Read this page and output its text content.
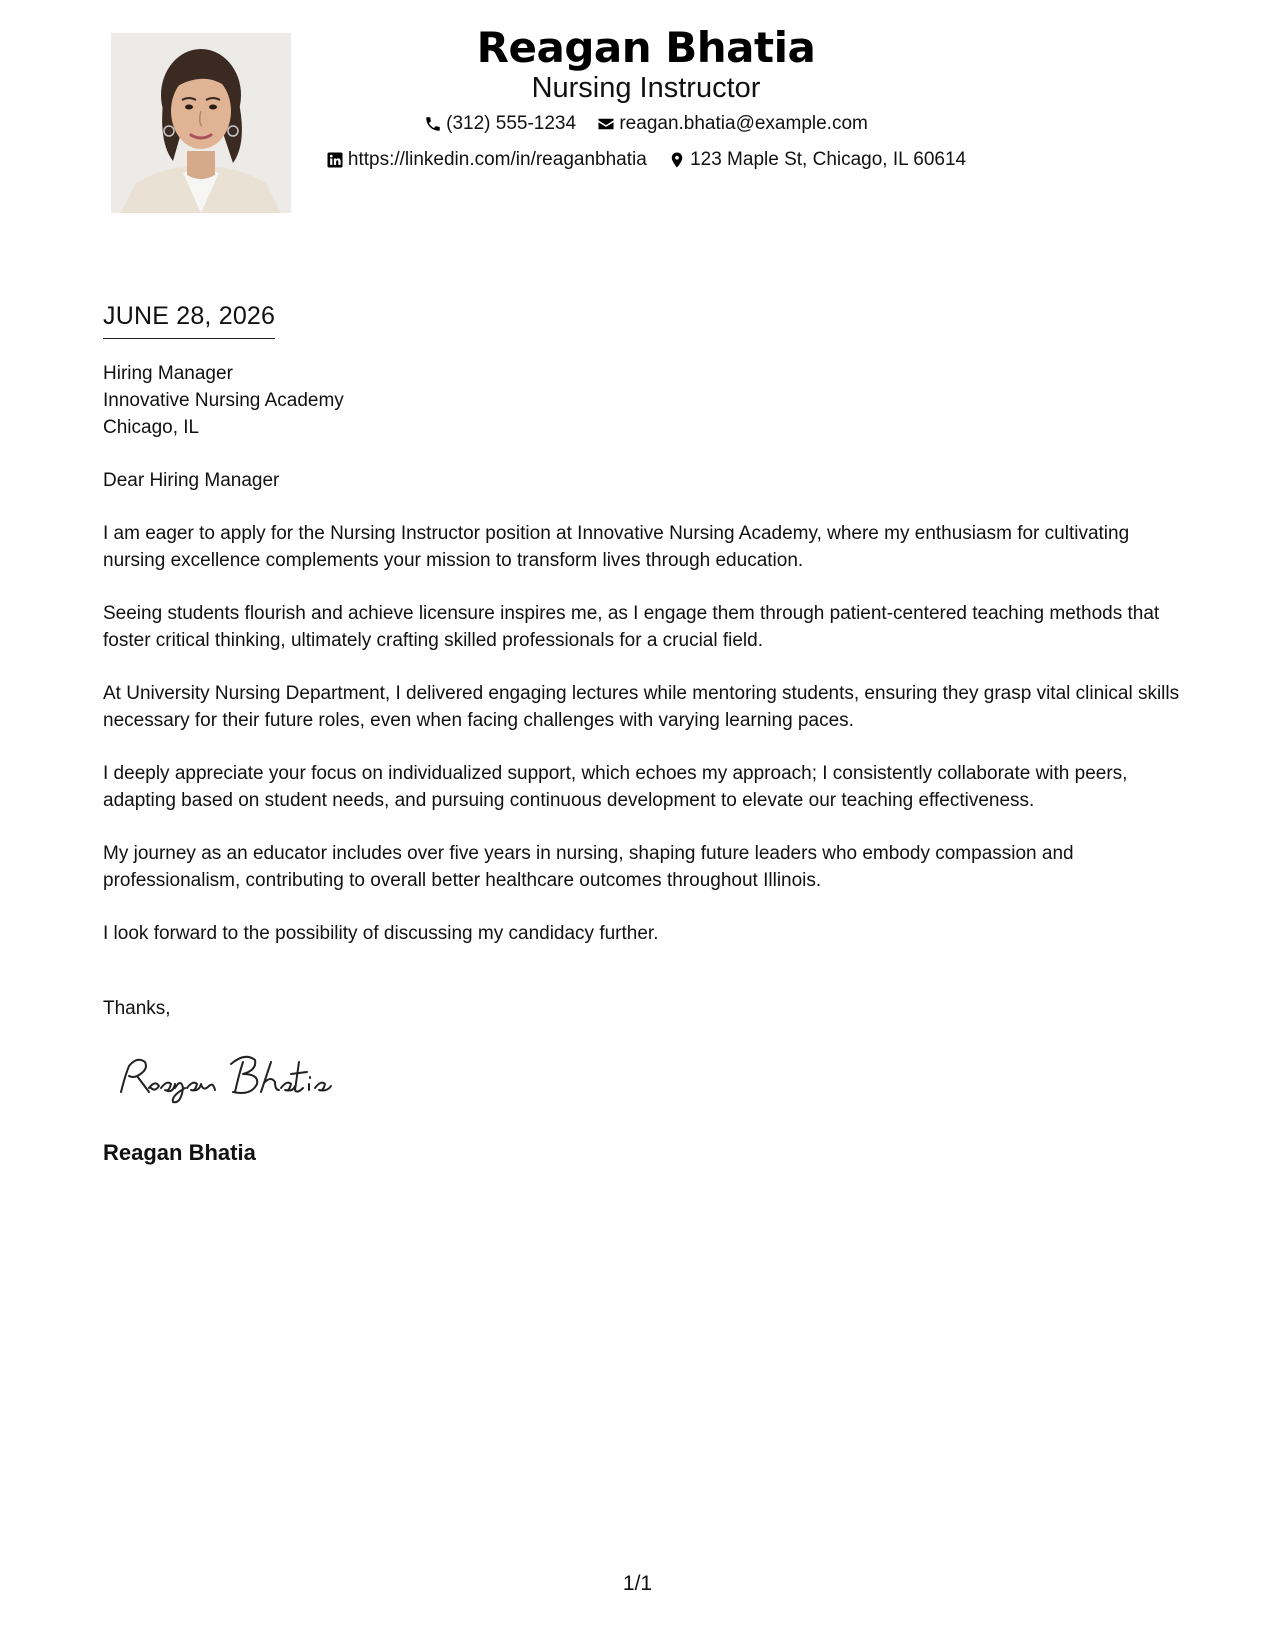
Reagan Bhatia
Nursing Instructor
(312) 555-1234
reagan.bhatia@example.com
https://linkedin.com/in/reaganbhatia
123 Maple St, Chicago, IL 60614
JUNE 28, 2026
Hiring Manager
Innovative Nursing Academy
Chicago, IL

Dear Hiring Manager

I am eager to apply for the Nursing Instructor position at Innovative Nursing Academy, where my enthusiasm for cultivating nursing excellence complements your mission to transform lives through education.

Seeing students flourish and achieve licensure inspires me, as I engage them through patient-centered teaching methods that foster critical thinking, ultimately crafting skilled professionals for a crucial field.

At University Nursing Department, I delivered engaging lectures while mentoring students, ensuring they grasp vital clinical skills necessary for their future roles, even when facing challenges with varying learning paces.

I deeply appreciate your focus on individualized support, which echoes my approach; I consistently collaborate with peers, adapting based on student needs, and pursuing continuous development to elevate our teaching effectiveness.

My journey as an educator includes over five years in nursing, shaping future leaders who embody compassion and professionalism, contributing to overall better healthcare outcomes throughout Illinois.

I look forward to the possibility of discussing my candidacy further.

Thanks,
Reagan Bhatia
1/1
